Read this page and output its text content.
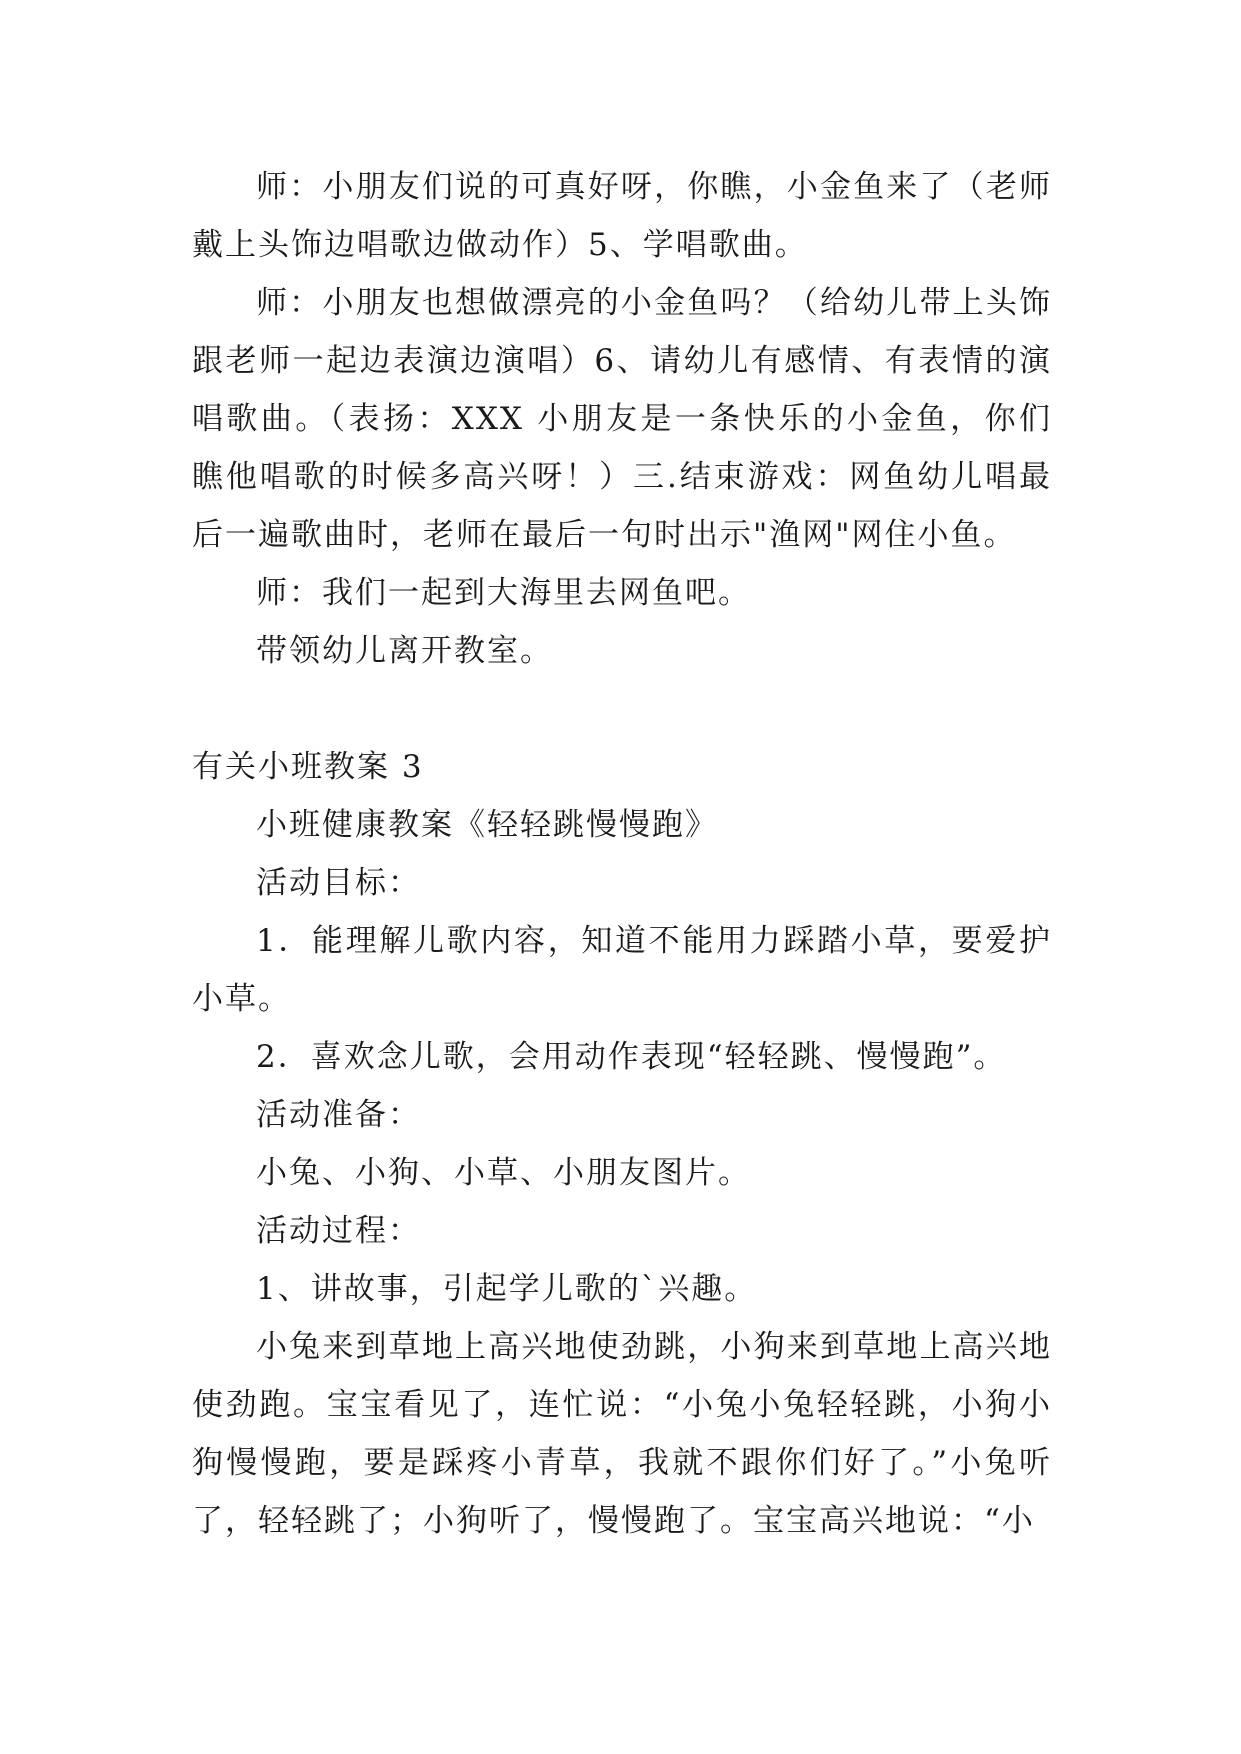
师：小朋友们说的可真好呀，你瞧，小金鱼来了（老师戴上头饰边唱歌边做动作）5、学唱歌曲。

师：小朋友也想做漂亮的小金鱼吗？（给幼儿带上头饰跟老师一起边表演边演唱）6、请幼儿有感情、有表情的演唱歌曲。（表扬：XXX 小朋友是一条快乐的小金鱼，你们瞧他唱歌的时候多高兴呀！）三.结束游戏：网鱼幼儿唱最后一遍歌曲时，老师在最后一句时出示"渔网"网住小鱼。

师：我们一起到大海里去网鱼吧。

带领幼儿离开教室。

有关小班教案 3

小班健康教案《轻轻跳慢慢跑》

活动目标：

1．能理解儿歌内容，知道不能用力踩踏小草，要爱护小草。

2．喜欢念儿歌，会用动作表现“轻轻跳、慢慢跑”。

活动准备：

小兔、小狗、小草、小朋友图片。

活动过程：

1、讲故事，引起学儿歌的`兴趣。

小兔来到草地上高兴地使劲跳，小狗来到草地上高兴地使劲跑。宝宝看见了，连忙说：“小兔小兔轻轻跳，小狗小狗慢慢跑，要是踩疼小青草，我就不跟你们好了。”小兔听了，轻轻跳了；小狗听了，慢慢跑了。宝宝高兴地说：“小
